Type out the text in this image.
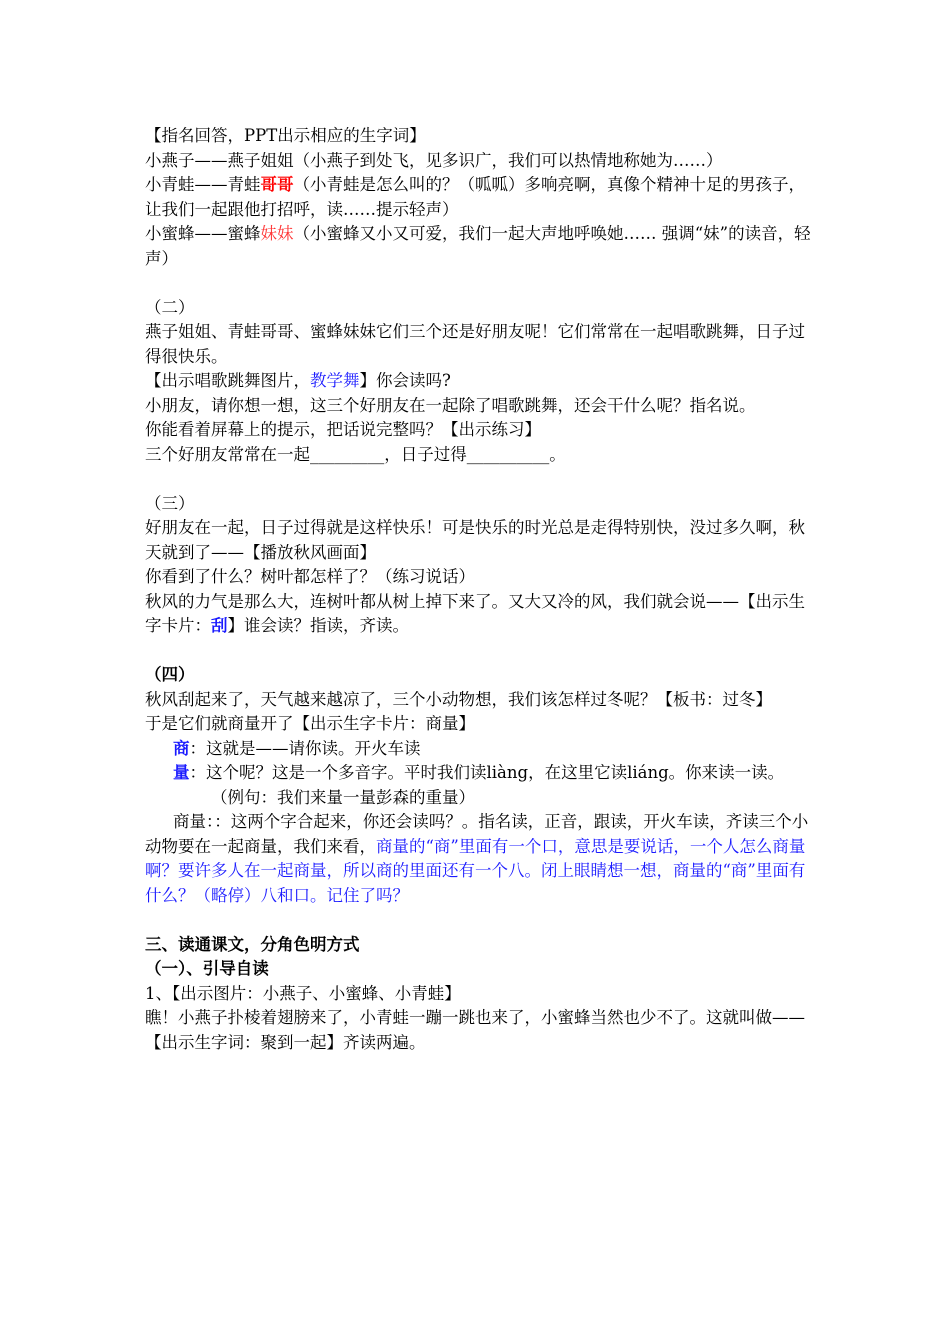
【指名回答，PPT出示相应的生字词】

小燕子——燕子姐姐（小燕子到处飞，见多识广，我们可以热情地称她为……）

小青蛙——青蛙哥哥（小青蛙是怎么叫的？（呱呱）多响亮啊，真像个精神十足的男孩子，让我们一起跟他打招呼，读……提示轻声）

小蜜蜂——蜜蜂妹妹（小蜜蜂又小又可爱，我们一起大声地呼唤她…… 强调“妹”的读音，轻声）

（二）

燕子姐姐、青蛙哥哥、蜜蜂妹妹它们三个还是好朋友呢！它们常常在一起唱歌跳舞，日子过得很快乐。

【出示唱歌跳舞图片，教学舞】你会读吗?

小朋友，请你想一想，这三个好朋友在一起除了唱歌跳舞，还会干什么呢？指名说。

你能看着屏幕上的提示，把话说完整吗？【出示练习】

三个好朋友常常在一起_________，日子过得__________。

（三）

好朋友在一起，日子过得就是这样快乐！可是快乐的时光总是走得特别快，没过多久啊，秋天就到了——【播放秋风画面】

你看到了什么？树叶都怎样了？（练习说话）

秋风的力气是那么大，连树叶都从树上掉下来了。又大又冷的风，我们就会说——【出示生字卡片：刮】谁会读？指读，齐读。

（四）

秋风刮起来了，天气越来越凉了，三个小动物想，我们该怎样过冬呢？【板书：过冬】

于是它们就商量开了【出示生字卡片：商量】

商：这就是——请你读。开火车读

量：这个呢？这是一个多音字。平时我们读liàng，在这里它读liáng。你来读一读。

（例句：我们来量一量彭森的重量）

商量：：这两个字合起来，你还会读吗？。指名读，正音，跟读，开火车读，齐读三个小动物要在一起商量，我们来看，商量的“商”里面有一个口，意思是要说话，一个人怎么商量啊？要许多人在一起商量，所以商的里面还有一个八。闭上眼睛想一想，商量的“商”里面有什么？（略停）八和口。记住了吗？

三、读通课文，分角色明方式

（一）、引导自读

1、【出示图片：小燕子、小蜜蜂、小青蛙】

瞧！小燕子扑棱着翅膀来了，小青蛙一蹦一跳也来了，小蜜蜂当然也少不了。这就叫做——【出示生字词：聚到一起】齐读两遍。
